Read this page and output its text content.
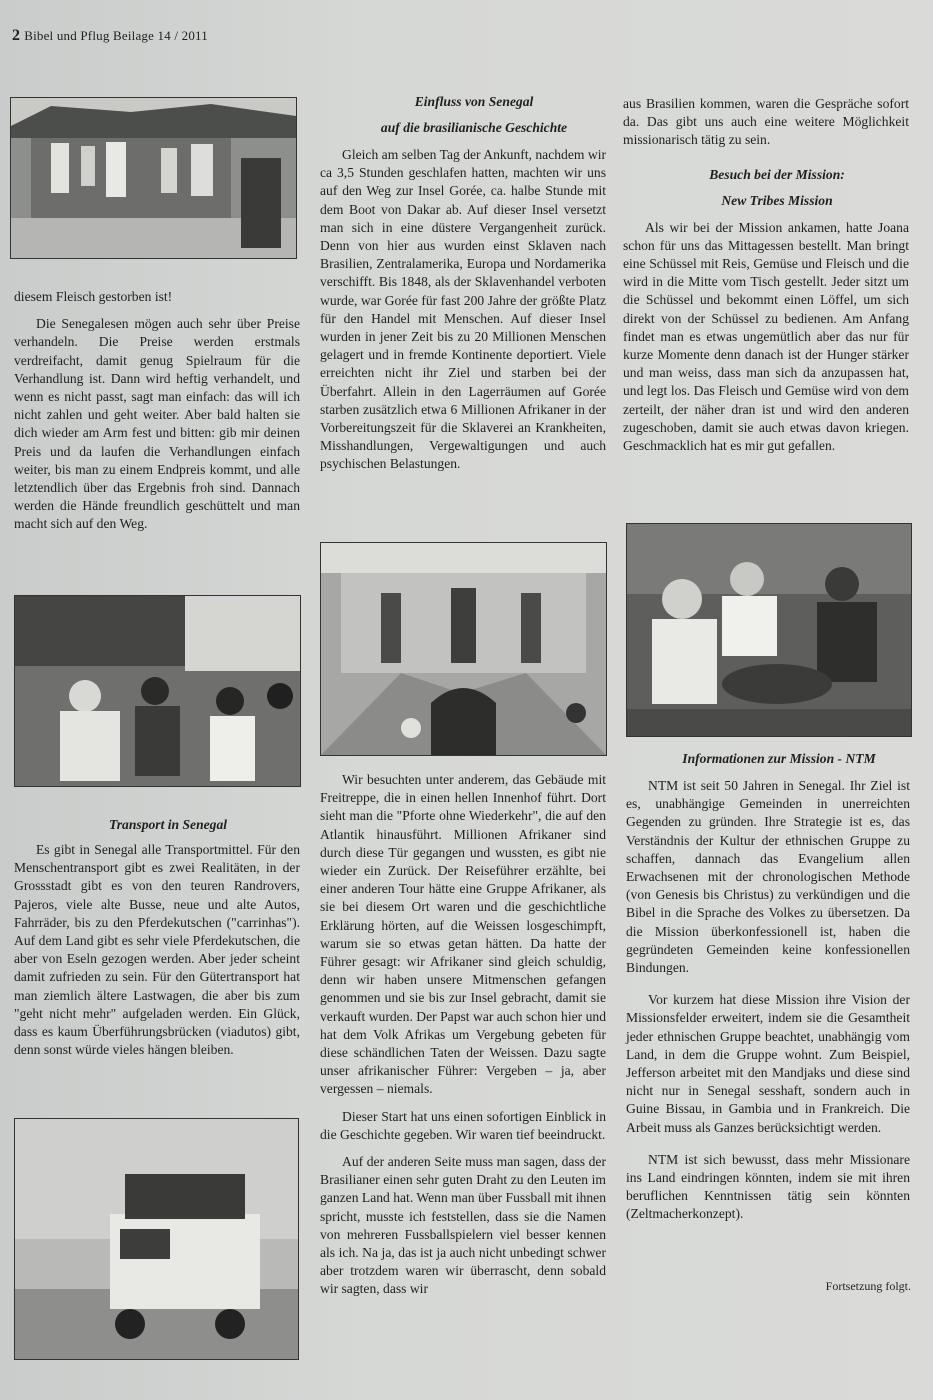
2 Bibel und Pflug Beilage 14 / 2011

diesem Fleisch gestorben ist!

Die Senegalesen mögen auch sehr über Preise verhandeln. Die Preise werden erstmals verdreifacht, damit genug Spielraum für die Verhandlung ist. Dann wird heftig verhandelt, und wenn es nicht passt, sagt man einfach: das will ich nicht zahlen und geht weiter. Aber bald halten sie dich wieder am Arm fest und bitten: gib mir deinen Preis und da laufen die Verhandlungen einfach weiter, bis man zu einem Endpreis kommt, und alle letztendlich über das Ergebnis froh sind. Dannach werden die Hände freundlich geschüttelt und man macht sich auf den Weg.

Transport in Senegal

Es gibt in Senegal alle Transportmittel. Für den Menschentransport gibt es zwei Realitäten, in der Grossstadt gibt es von den teuren Randrovers, Pajeros, viele alte Busse, neue und alte Autos, Fahrräder, bis zu den Pferdekutschen ("carrinhas"). Auf dem Land gibt es sehr viele Pferdekutschen, die aber von Eseln gezogen werden. Aber jeder scheint damit zufrieden zu sein. Für den Gütertransport hat man ziemlich ältere Lastwagen, die aber bis zum "geht nicht mehr" aufgeladen werden. Ein Glück, dass es kaum Überführungsbrücken (viadutos) gibt, denn sonst würde vieles hängen bleiben.

Einfluss von Senegal

auf die brasilianische Geschichte

Gleich am selben Tag der Ankunft, nachdem wir ca 3,5 Stunden geschlafen hatten, machten wir uns auf den Weg zur Insel Gorée, ca. halbe Stunde mit dem Boot von Dakar ab. Auf dieser Insel versetzt man sich in eine düstere Vergangenheit zurück. Denn von hier aus wurden einst Sklaven nach Brasilien, Zentralamerika, Europa und Nordamerika verschifft. Bis 1848, als der Sklavenhandel verboten wurde, war Gorée für fast 200 Jahre der größte Platz für den Handel mit Menschen. Auf dieser Insel wurden in jener Zeit bis zu 20 Millionen Menschen gelagert und in fremde Kontinente deportiert. Viele erreichten nicht ihr Ziel und starben bei der Überfahrt. Allein in den Lagerräumen auf Gorée starben zusätzlich etwa 6 Millionen Afrikaner in der Vorbereitungszeit für die Sklaverei an Krankheiten, Misshandlungen, Vergewaltigungen und auch psychischen Belastungen.

Wir besuchten unter anderem, das Gebäude mit Freitreppe, die in einen hellen Innenhof führt. Dort sieht man die "Pforte ohne Wiederkehr", die auf den Atlantik hinausführt. Millionen Afrikaner sind durch diese Tür gegangen und wussten, es gibt nie wieder ein Zurück. Der Reiseführer erzählte, bei einer anderen Tour hätte eine Gruppe Afrikaner, als sie bei diesem Ort waren und die geschichtliche Erklärung hörten, auf die Weissen losgeschimpft, warum sie so etwas getan hätten. Da hatte der Führer gesagt: wir Afrikaner sind gleich schuldig, denn wir haben unsere Mitmenschen gefangen genommen und sie bis zur Insel gebracht, damit sie verkauft wurden. Der Papst war auch schon hier und hat dem Volk Afrikas um Vergebung gebeten für diese schändlichen Taten der Weissen. Dazu sagte unser afrikanischer Führer: Vergeben – ja, aber vergessen – niemals.

Dieser Start hat uns einen sofortigen Einblick in die Geschichte gegeben. Wir waren tief beeindruckt.

Auf der anderen Seite muss man sagen, dass der Brasilianer einen sehr guten Draht zu den Leuten im ganzen Land hat. Wenn man über Fussball mit ihnen spricht, musste ich feststellen, dass sie die Namen von mehreren Fussballspielern viel besser kennen als ich. Na ja, das ist ja auch nicht unbedingt schwer aber trotzdem waren wir überrascht, denn sobald wir sagten, dass wir

aus Brasilien kommen, waren die Gespräche sofort da. Das gibt uns auch eine weitere Möglichkeit missionarisch tätig zu sein.

Besuch bei der Mission:

New Tribes Mission

Als wir bei der Mission ankamen, hatte Joana schon für uns das Mittagessen bestellt. Man bringt eine Schüssel mit Reis, Gemüse und Fleisch und die wird in die Mitte vom Tisch gestellt. Jeder sitzt um die Schüssel und bekommt einen Löffel, um sich direkt von der Schüssel zu bedienen. Am Anfang findet man es etwas ungemütlich aber das nur für kurze Momente denn danach ist der Hunger stärker und man weiss, dass man sich da anzupassen hat, und legt los. Das Fleisch und Gemüse wird von dem zerteilt, der näher dran ist und wird den anderen zugeschoben, damit sie auch etwas davon kriegen. Geschmacklich hat es mir gut gefallen.

Informationen zur Mission - NTM

NTM ist seit 50 Jahren in Senegal. Ihr Ziel ist es, unabhängige Gemeinden in unerreichten Gegenden zu gründen. Ihre Strategie ist es, das Verständnis der Kultur der ethnischen Gruppe zu schaffen, dannach das Evangelium allen Erwachsenen mit der chronologischen Methode (von Genesis bis Christus) zu verkündigen und die Bibel in die Sprache des Volkes zu übersetzen. Da die Mission überkonfessionell ist, haben die gegründeten Gemeinden keine konfessionellen Bindungen.

Vor kurzem hat diese Mission ihre Vision der Missionsfelder erweitert, indem sie die Gesamtheit jeder ethnischen Gruppe beachtet, unabhängig vom Land, in dem die Gruppe wohnt. Zum Beispiel, Jefferson arbeitet mit den Mandjaks und diese sind nicht nur in Senegal sesshaft, sondern auch in Guine Bissau, in Gambia und in Frankreich. Die Arbeit muss als Ganzes berücksichtigt werden.

NTM ist sich bewusst, dass mehr Missionare ins Land eindringen könnten, indem sie mit ihren beruflichen Kenntnissen tätig sein könnten (Zeltmacherkonzept).

Fortsetzung folgt.
